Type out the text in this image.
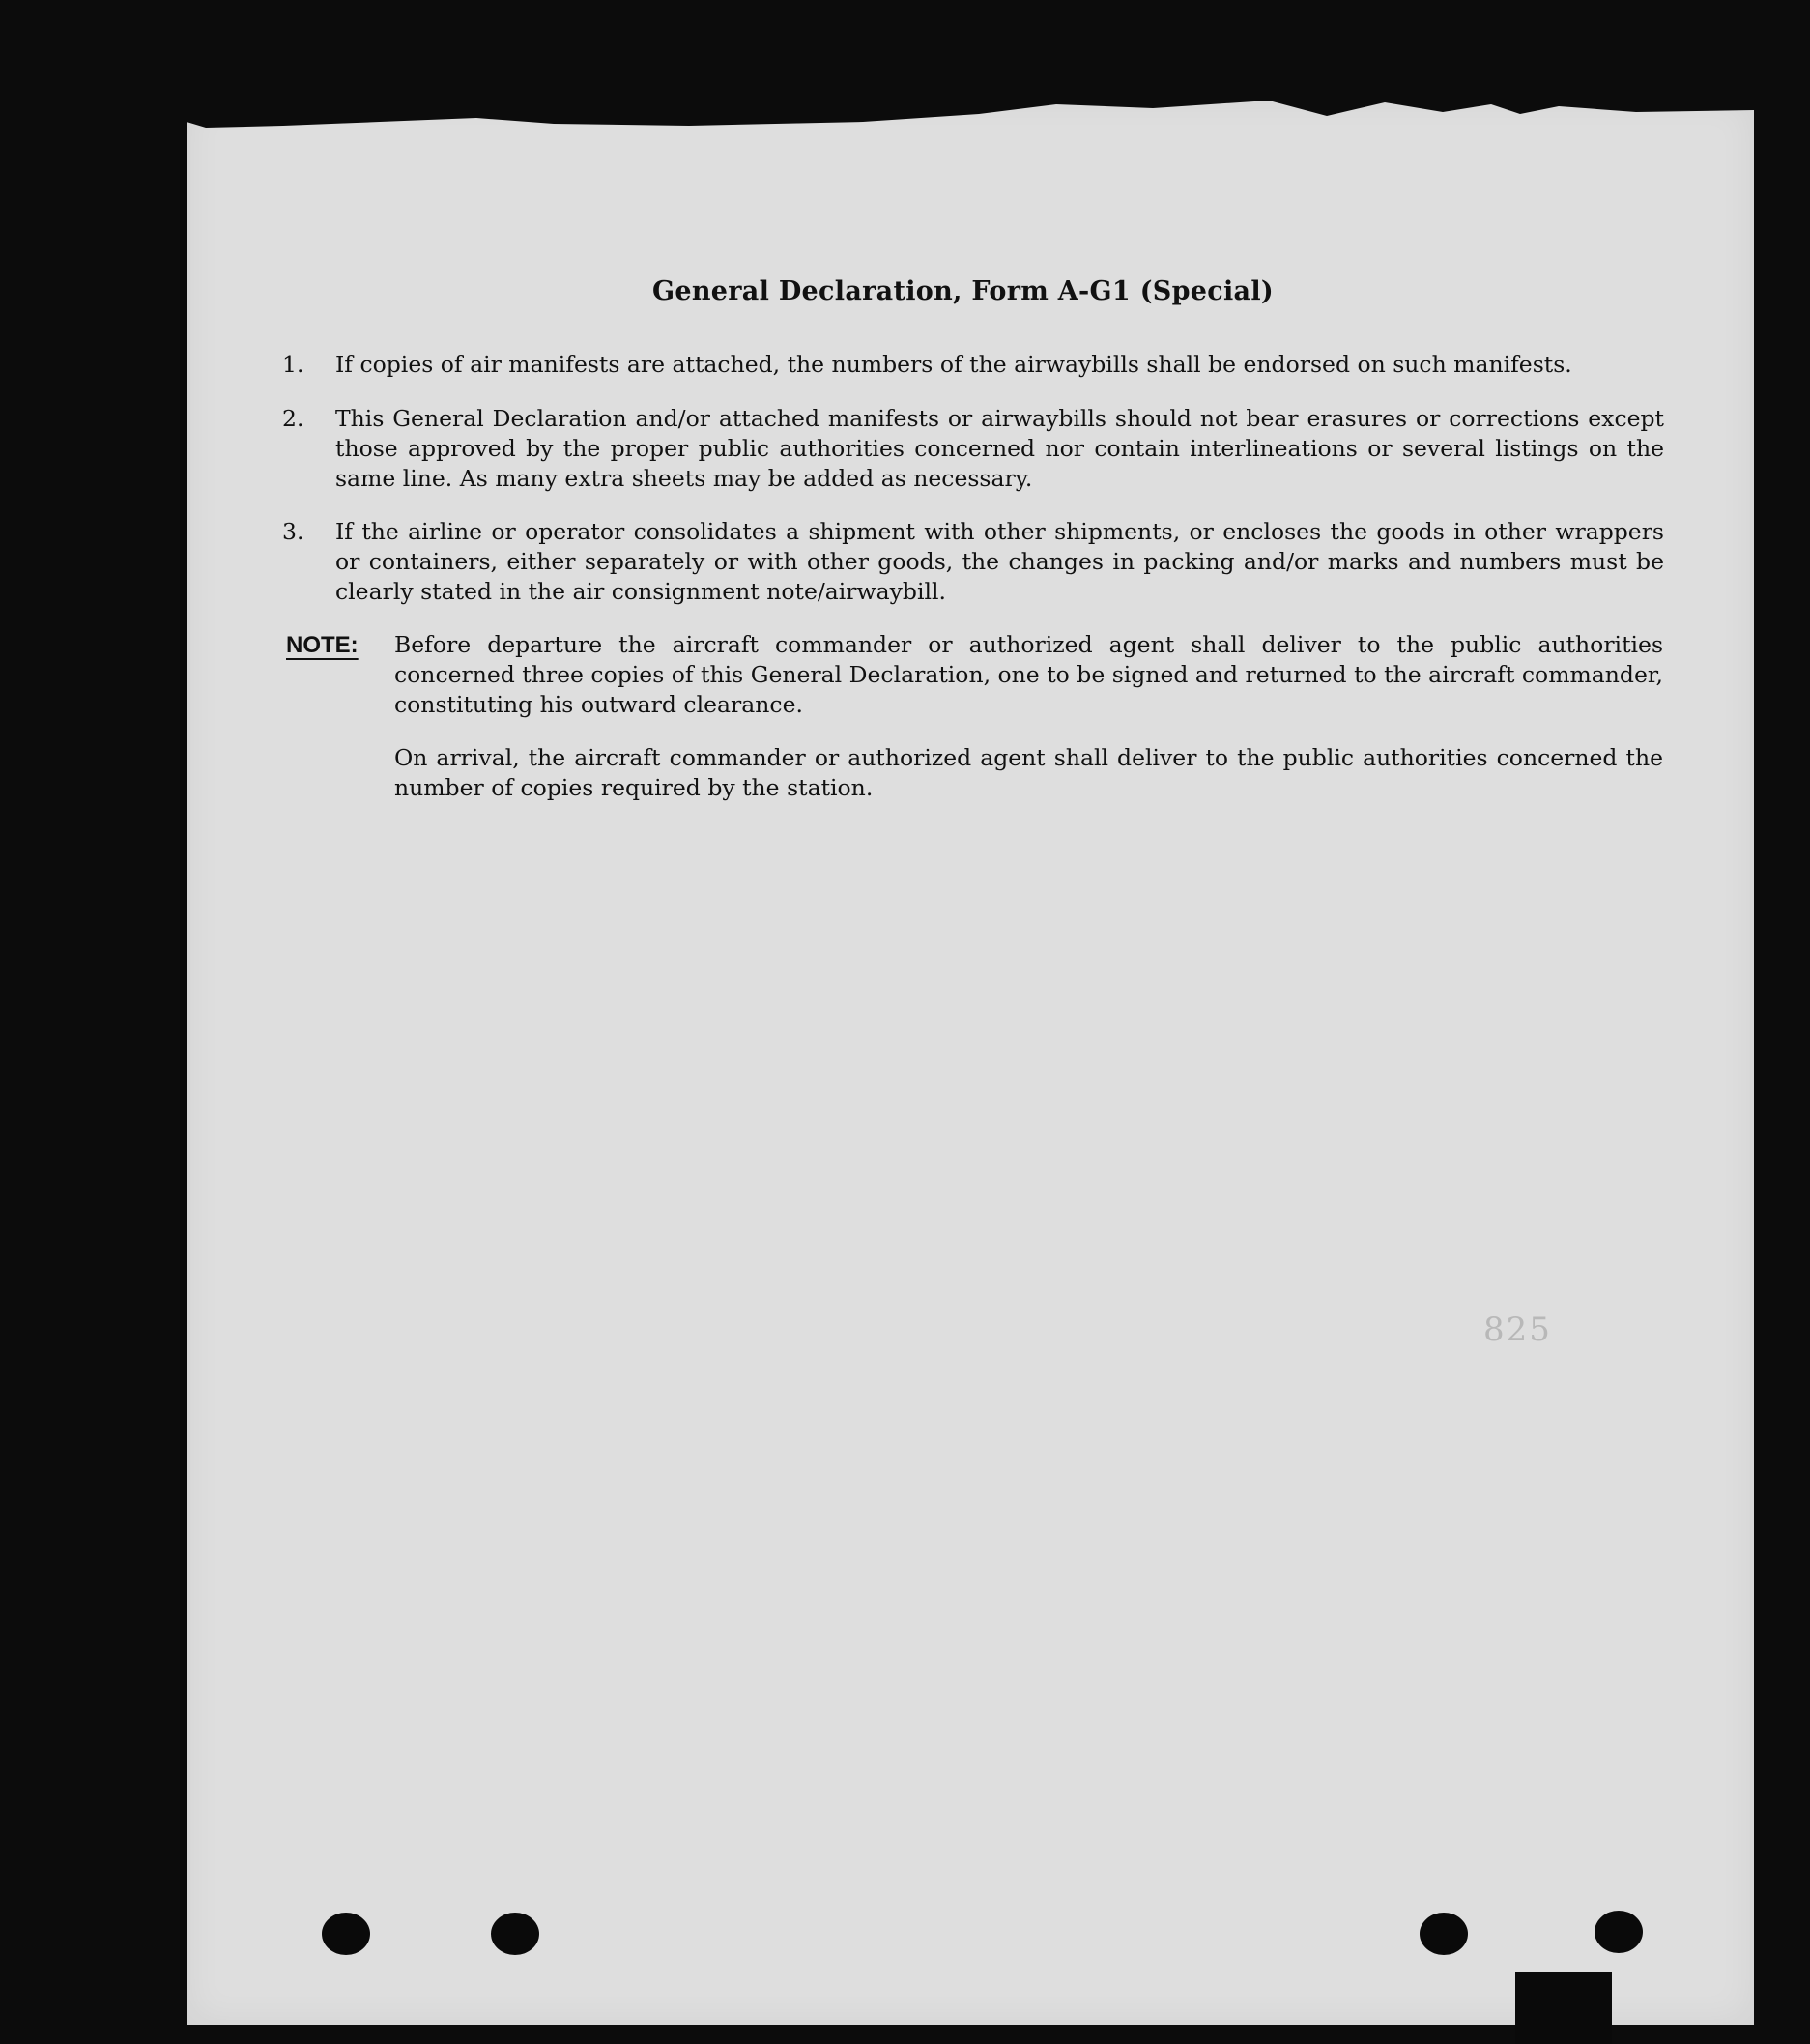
General Declaration, Form A-G1 (Special)
1.	If copies of air manifests are attached, the numbers of the airwaybills shall be endorsed on such manifests.
2.	This General Declaration and/or attached manifests or airwaybills should not bear erasures or corrections except those approved by the proper public authorities concerned nor contain interlineations or several listings on the same line. As many extra sheets may be added as necessary.
3.	If the airline or operator consolidates a shipment with other shipments, or encloses the goods in other wrappers or containers, either separately or with other goods, the changes in packing and/or marks and numbers must be clearly stated in the air consignment note/airwaybill.
NOTE: Before departure the aircraft commander or authorized agent shall deliver to the public authorities concerned three copies of this General Declaration, one to be signed and returned to the aircraft commander, constituting his outward clearance.
On arrival, the aircraft commander or authorized agent shall deliver to the public authorities concerned the number of copies required by the station.
825
